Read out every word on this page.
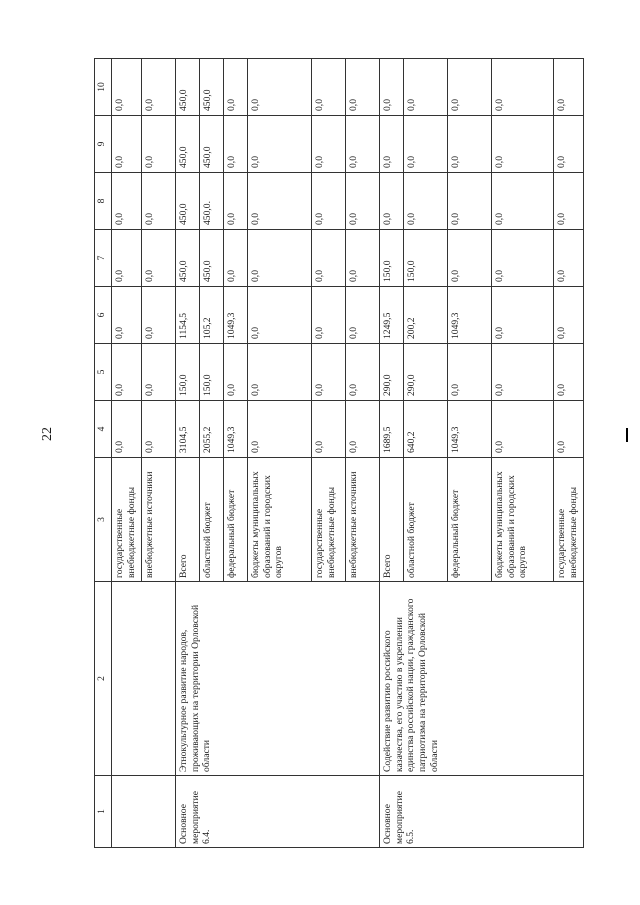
22
1	2	3	4	5	6	7	8	9	10
		государственные внебюджетные фонды	0,0	0,0	0,0	0,0	0,0	0,0	0,0
		внебюджетные источники	0,0	0,0	0,0	0,0	0,0	0,0	0,0
Основное мероприятие 6.4.	Этнокультурное развитие народов, проживающих на территории Орловской области	Всего	3104,5	150,0	1154,5	450,0	450,0	450,0	450,0
		областной бюджет	2055,2	150,0	105,2	450,0	450,0.	450,0	450,0
		федеральный бюджет	1049,3	0,0	1049,3	0,0	0,0	0,0	0,0
		бюджеты муниципальных образований и городских округов	0,0	0,0	0,0	0,0	0,0	0,0	0,0
		государственные внебюджетные фонды	0,0	0,0	0,0	0,0	0,0	0,0	0,0
		внебюджетные источники	0,0	0,0	0,0	0,0	0,0	0,0	0,0
Основное мероприятие 6.5.	Содействие развитию российского казачества, его участию в укреплении единства российской нации, гражданского патриотизма на территории Орловской области	Всего	1689,5	290,0	1249,5	150,0	0,0	0,0	0,0
		областной бюджет	640,2	290,0	200,2	150,0	0,0	0,0	0,0
		федеральный бюджет	1049,3	0,0	1049,3	0,0	0,0	0,0	0,0
		бюджеты муниципальных образований и городских округов	0,0	0,0	0,0	0,0	0,0	0,0	0,0
		государственные внебюджетные фонды	0,0	0,0	0,0	0,0	0,0	0,0	0,0
